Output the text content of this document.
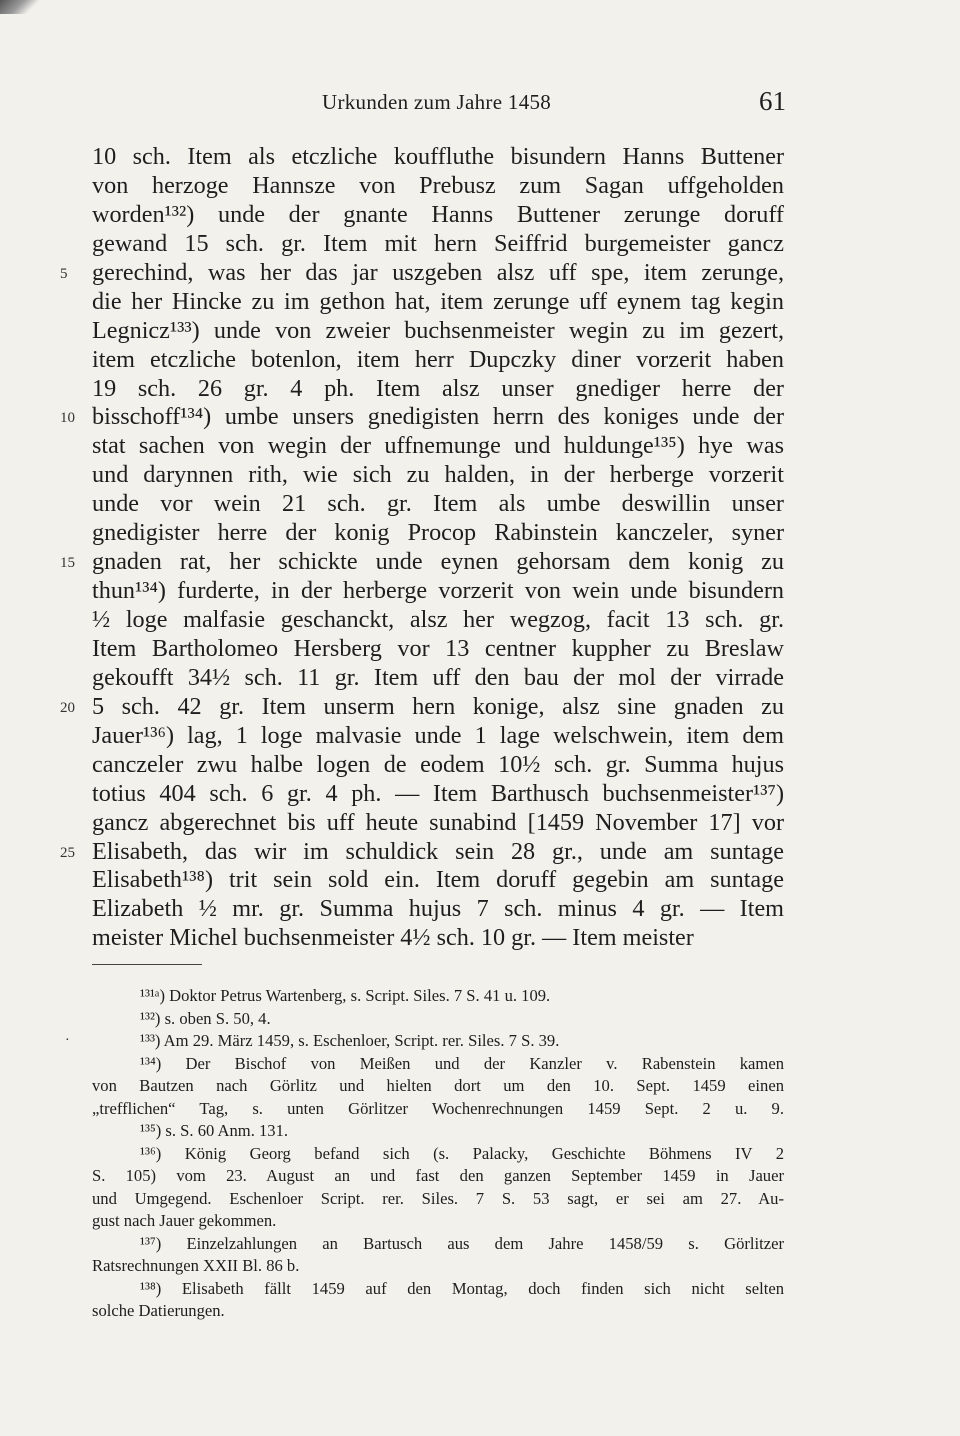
Urkunden zum Jahre 1458	61
10 sch. Item als etczliche kouffluthe bisundern Hanns Buttener
von herzoge Hannsze von Prebusz zum Sagan uffgeholden
worden¹³²) unde der gnante Hanns Buttener zerunge doruff
gewand 15 sch. gr. Item mit hern Seiffrid burgemeister gancz
5 gerechind, was her das jar uszgeben alsz uff spe, item zerunge,
die her Hincke zu im gethon hat, item zerunge uff eynem tag kegin
Legnicz¹³³) unde von zweier buchsenmeister wegin zu im gezert,
item etczliche botenlon, item herr Dupczky diner vorzerit haben
19 sch. 26 gr. 4 ph. Item alsz unser gnediger herre der
10 bisschoff¹³⁴) umbe unsers gnedigisten herrn des koniges unde der
stat sachen von wegin der uffnemunge und huldunge¹³⁵) hye was
und darynnen rith, wie sich zu halden, in der herberge vorzerit
unde vor wein 21 sch. gr. Item als umbe deswillin unser
gnedigister herre der konig Procop Rabinstein kanczeler, syner
15 gnaden rat, her schickte unde eynen gehorsam dem konig zu
thun¹³⁴) furderte, in der herberge vorzerit von wein unde bisundern
½ loge malfasie geschanckt, alsz her wegzog, facit 13 sch. gr.
Item Bartholomeo Hersberg vor 13 centner kuppher zu Breslaw
gekoufft 34½ sch. 11 gr. Item uff den bau der mol der virrade
20 5 sch. 42 gr. Item unserm hern konige, alsz sine gnaden zu
Jauer¹³⁶) lag, 1 loge malvasie unde 1 lage welschwein, item dem
canczeler zwu halbe logen de eodem 10½ sch. gr. Summa hujus
totius 404 sch. 6 gr. 4 ph. — Item Barthusch buchsenmeister¹³⁷)
gancz abgerechnet bis uff heute sunabind [1459 November 17] vor
25 Elisabeth, das wir im schuldick sein 28 gr., unde am suntage
Elisabeth¹³⁸) trit sein sold ein. Item doruff gegebin am suntage
Elizabeth ½ mr. gr. Summa hujus 7 sch. minus 4 gr. — Item
meister Michel buchsenmeister 4½ sch. 10 gr. — Item meister
¹³¹ᵃ) Doktor Petrus Wartenberg, s. Script. Siles. 7 S. 41 u. 109.
¹³²) s. oben S. 50, 4.
·	¹³³) Am 29. März 1459, s. Eschenloer, Script. rer. Siles. 7 S. 39.
¹³⁴) Der Bischof von Meißen und der Kanzler v. Rabenstein kamen
von Bautzen nach Görlitz und hielten dort um den 10. Sept. 1459 einen
„trefflichen“ Tag, s. unten Görlitzer Wochenrechnungen 1459 Sept. 2 u. 9.
¹³⁵) s. S. 60 Anm. 131.
¹³⁶) König Georg befand sich (s. Palacky, Geschichte Böhmens IV 2
S. 105) vom 23. August an und fast den ganzen September 1459 in Jauer
und Umgegend. Eschenloer Script. rer. Siles. 7 S. 53 sagt, er sei am 27. Au-
gust nach Jauer gekommen.
¹³⁷) Einzelzahlungen an Bartusch aus dem Jahre 1458/59 s. Görlitzer
Ratsrechnungen XXII Bl. 86 b.
¹³⁸) Elisabeth fällt 1459 auf den Montag, doch finden sich nicht selten
solche Datierungen.
